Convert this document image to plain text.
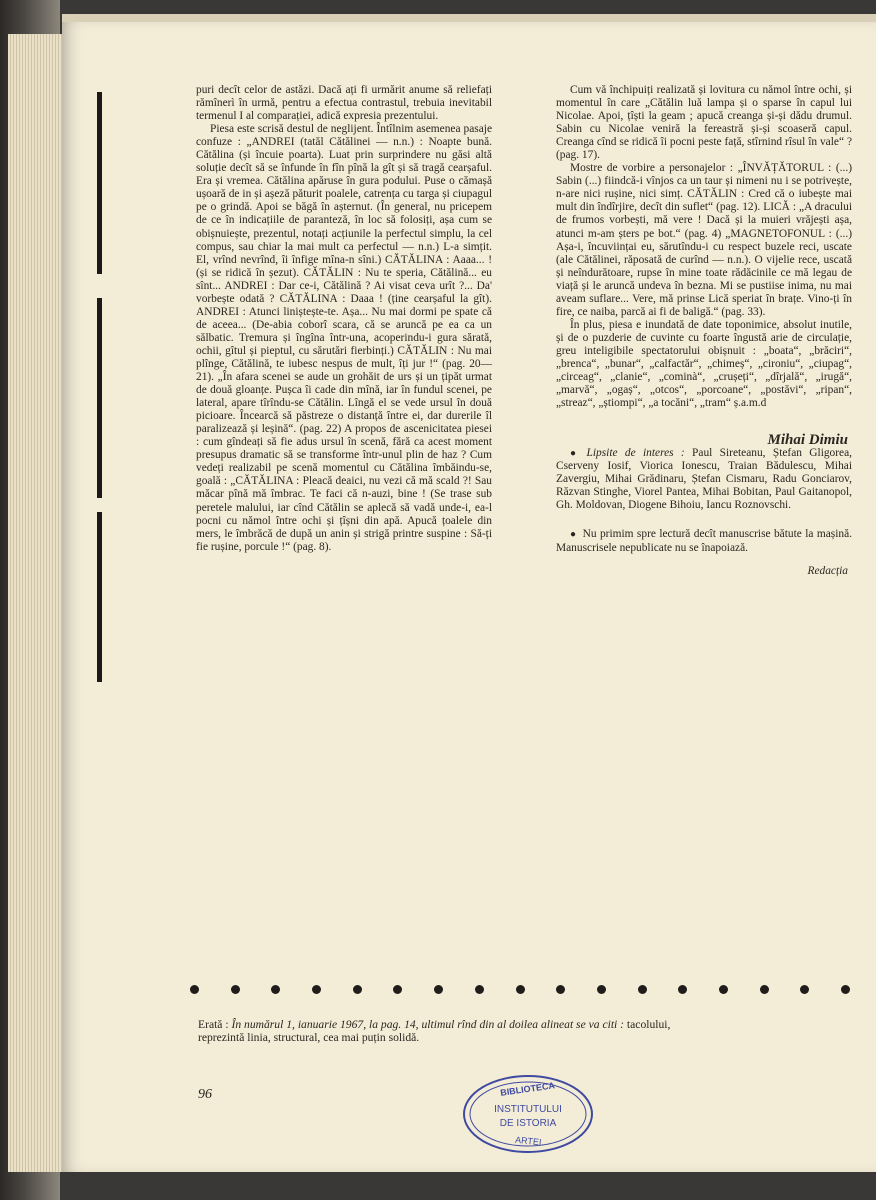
puri decît celor de astăzi. Dacă ați fi urmărit anume să reliefați rămînerì în urmă, pentru a efectua contrastul, trebuia inevitabil termenul I al comparației, adică expresia prezentului.

Piesa este scrisă destul de neglijent. Întîlnim asemenea pasaje confuze : „ANDREI (tatăl Cătălinei — n.n.) : Noapte bună. Cătălina (și încuie poarta). Luat prin surprindere nu găsi altă soluție decît să se înfunde în fîn pînă la gît și să tragă cearșaful. Era și vremea. Cătălina apăruse în gura podului. Puse o cămașă ușoară de in și așeză păturit poalele, catrența cu targa și ciupagul pe o grindă. Apoi se băgă în așternut. (În general, nu pricepem de ce în indicațiile de paranteză, în loc să folosiți, așa cum se obișnuiește, prezentul, notați acțiunile la perfectul simplu, la cel compus, sau chiar la mai mult ca perfectul — n.n.) L-a simțit. El, vrînd nevrînd, îi înfige mîna-n sîni.) CĂTĂLINA : Aaaa... ! (și se ridică în șezut). CĂTĂLIN : Nu te speria, Cătălină... eu sînt... ANDREI : Dar ce-i, Cătălină ? Ai visat ceva urît ?... Da' vorbește odată ? CĂTĂLINA : Daaa ! (ține cearșaful la gît). ANDREI : Atunci liniștește-te. Așa... Nu mai dormi pe spate că de aceea... (De-abia coborî scara, că se aruncă pe ea ca un sălbatic. Tremura și îngîna într-una, acoperindu-i gura sărată, ochii, gîtul și pieptul, cu sărutări fierbinți.) CĂTĂLIN : Nu mai plînge, Cătălină, te iubesc nespus de mult, îți jur !“ (pag. 20—21). „În afara scenei se aude un grohăit de urs și un țipăt urmat de două gloanțe. Pușca îi cade din mînă, iar în fundul scenei, pe lateral, apare tîrîndu-se Cătălin. Lîngă el se vede ursul în două picioare. Încearcă să păstreze o distanță între ei, dar durerile îl paralizează și leșină“. (pag. 22) A propos de ascenicitatea piesei : cum gîndeați să fie adus ursul în scenă, fără ca acest moment presupus dramatic să se transforme într-unul plin de haz ? Cum vedeți realizabil pe scenă momentul cu Cătălina îmbăindu-se, goală : „CĂTĂLINA : Pleacă deaici, nu vezi că mă scald ?! Sau măcar pînă mă îmbrac. Te faci că n-auzi, bine ! (Se trase sub peretele malului, iar cînd Cătălin se aplecă să vadă unde-i, ea-l pocni cu nămol între ochi și țîșni din apă. Apucă țoalele din mers, le îmbrăcă de după un anin și strigă printre suspine : Să-ți fie rușine, porcule !“ (pag. 8).

Cum vă închipuiți realizată și lovitura cu nămol între ochi, și momentul în care „Cătălin luă lampa și o sparse în capul lui Nicolae. Apoi, țîști la geam ; apucă creanga și-și dădu drumul. Sabin cu Nicolae veniră la fereastră și-și scoaseră capul. Creanga cînd se ridică îi pocni peste față, stîrnind rîsul în vale“ ? (pag. 17).

Mostre de vorbire a personajelor : „ÎNVĂȚĂTORUL : (...) Sabin (...) fiindcă-i vînjos ca un taur și nimeni nu i se potrivește, n-are nici rușine, nici simț. CĂTĂLIN : Cred că o iubește mai mult din îndîrjire, decît din suflet“ (pag. 12). LICĂ : „A dracului de frumos vorbești, mă vere ! Dacă și la muieri vrăjești așa, atunci m-am șters pe bot.“ (pag. 4) „MAGNETOFONUL : (...) Așa-i, încuviințai eu, sărutîndu-i cu respect buzele reci, uscate (ale Cătălinei, răposată de curînd — n.n.). O vijelie rece, uscată și neîndurătoare, rupse în mine toate rădăcinile ce mă legau de viață și le aruncă undeva în bezna. Mi se pustiise inima, nu mai aveam suflare... Vere, mă prinse Lică speriat în brațe. Vino-ți în fire, ce naiba, parcă ai fi de baligă.“ (pag. 33).

În plus, piesa e inundată de date toponimice, absolut inutile, și de o puzderie de cuvinte cu foarte îngustă arie de circulație, greu inteligibile spectatorului obișnuit : „boata“, „brăciri“, „brenca“, „bunar“, „calfactăr“, „chimeș“, „cironiu“, „ciupag“, „circeag“, „clanie“, „cominà“, „crușeți“, „dîrjală“, „irugă“, „marvă“, „ogaș“, „otcos“, „porcoane“, „postăvi“, „ripan“, „streaz“, „știompi“, „a tocăni“, „tram“ ș.a.m.d

Mihai Dimiu

● Lipsite de interes : Paul Sireteanu, Ștefan Gligorea, Cserveny Iosif, Viorica Ionescu, Traian Bădulescu, Mihai Zavergiu, Mihai Grădinaru, Ștefan Cismaru, Radu Gonciarov, Răzvan Stinghe, Viorel Pantea, Mihai Bobitan, Paul Gaitanopol, Gh. Moldovan, Diogene Bihoiu, Iancu Roznovschi.

● Nu primim spre lectură decît manuscrise bătute la mașină. Manuscrisele nepublicate nu se înapoiază.

Redacția
Erată : În numărul 1, ianuarie 1967, la pag. 14, ultimul rînd din al doilea alineat se va citi : tacolului, reprezintă linia, structural, cea mai puțin solidă.
96	BIBLIOTECA
INSTITUTULUI
DE ISTORIA
ARTEI
